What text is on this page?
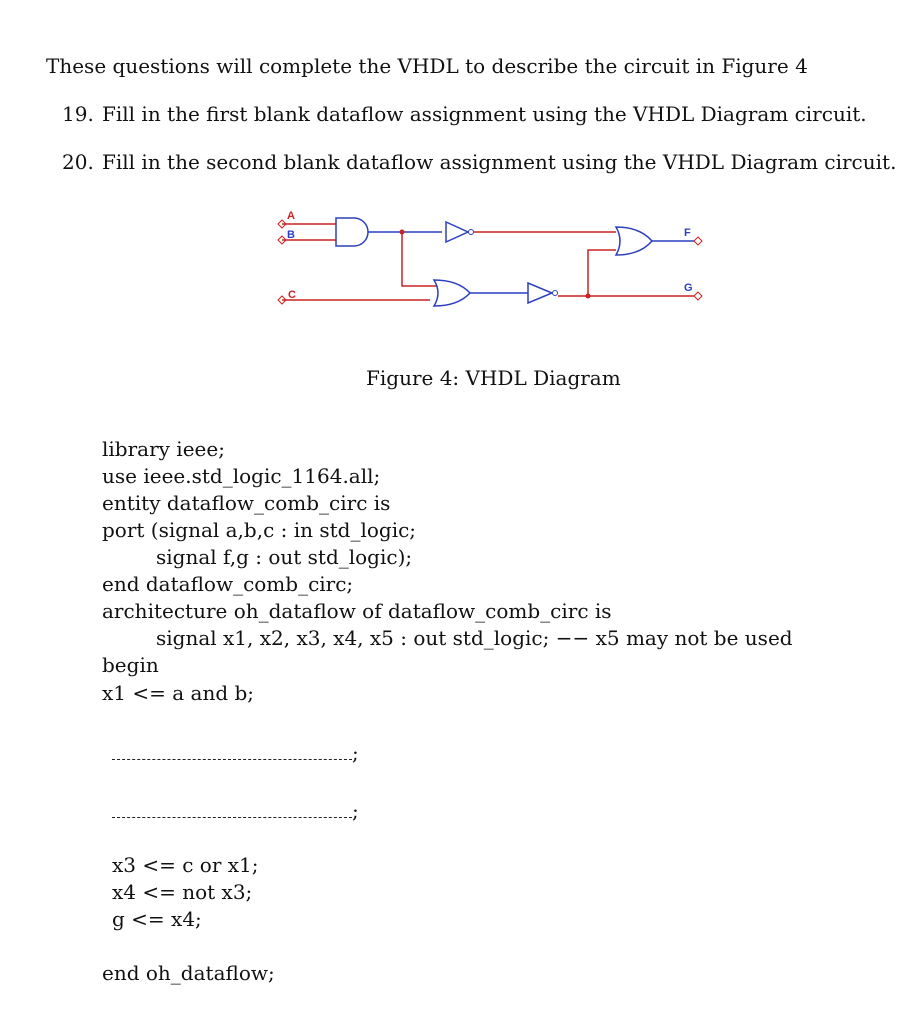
These questions will complete the VHDL to describe the circuit in Figure 4
19. Fill in the first blank dataflow assignment using the VHDL Diagram circuit.
20. Fill in the second blank dataflow assignment using the VHDL Diagram circuit.
A
B
C
F
G
Figure 4: VHDL Diagram
library ieee;
use ieee.std_logic_1164.all;
entity dataflow_comb_circ is
port (signal a,b,c : in std_logic;
signal f,g : out std_logic);
end dataflow_comb_circ;
architecture oh_dataflow of dataflow_comb_circ is
signal x1, x2, x3, x4, x5 : out std_logic; −− x5 may not be used
begin
x1 <= a and b;
;
;
x3 <= c or x1;
x4 <= not x3;
g <= x4;
end oh_dataflow;
